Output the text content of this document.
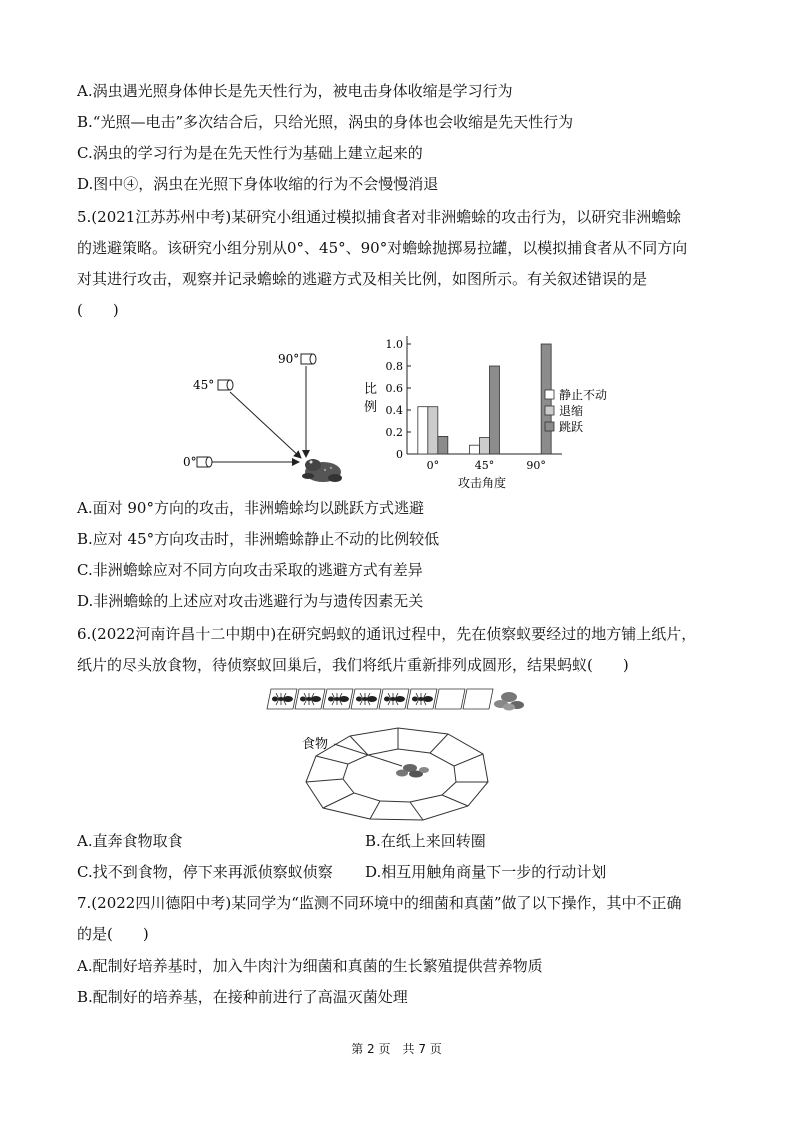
A.涡虫遇光照身体伸长是先天性行为，被电击身体收缩是学习行为
B.“光照—电击”多次结合后，只给光照，涡虫的身体也会收缩是先天性行为
C.涡虫的学习行为是在先天性行为基础上建立起来的
D.图中④，涡虫在光照下身体收缩的行为不会慢慢消退
5.(2021江苏苏州中考)某研究小组通过模拟捕食者对非洲蟾蜍的攻击行为，以研究非洲蟾蜍
的逃避策略。该研究小组分别从0°、45°、90°对蟾蜍抛掷易拉罐，以模拟捕食者从不同方向
对其进行攻击，观察并记录蟾蜍的逃避方式及相关比例，如图所示。有关叙述错误的是
(　　)
90°
45°
0°
比
例
0
0.2
0.4
0.6
0.8
1.0
0°	45°	90°
静止不动
退缩
跳跃
攻击角度
A.面对 90°方向的攻击，非洲蟾蜍均以跳跃方式逃避
B.应对 45°方向攻击时，非洲蟾蜍静止不动的比例较低
C.非洲蟾蜍应对不同方向攻击采取的逃避方式有差异
D.非洲蟾蜍的上述应对攻击逃避行为与遗传因素无关
6.(2022河南许昌十二中期中)在研究蚂蚁的通讯过程中，先在侦察蚁要经过的地方铺上纸片，
纸片的尽头放食物，待侦察蚁回巢后，我们将纸片重新排列成圆形，结果蚂蚁(　　)
食物
A.直奔食物取食	B.在纸上来回转圈
C.找不到食物，停下来再派侦察蚁侦察 D.相互用触角商量下一步的行动计划
7.(2022四川德阳中考)某同学为“监测不同环境中的细菌和真菌”做了以下操作，其中不正确
的是(　　)
A.配制好培养基时，加入牛肉汁为细菌和真菌的生长繁殖提供营养物质
B.配制好的培养基，在接种前进行了高温灭菌处理
第 2 页　共 7 页
